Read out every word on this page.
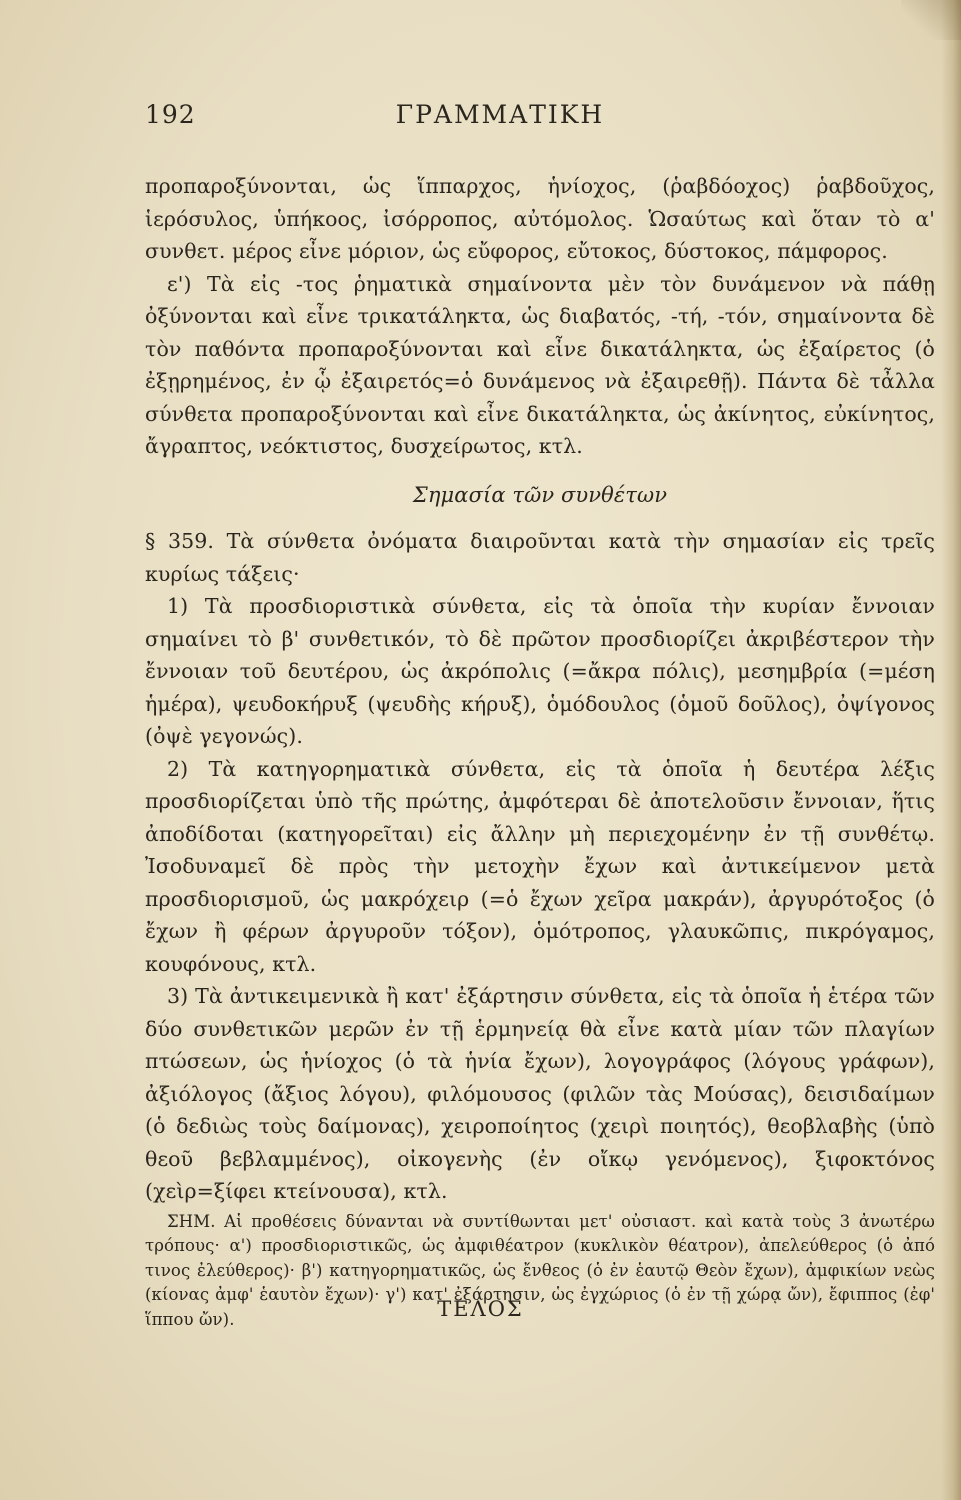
192	ΓΡΑΜΜΑΤΙΚΗ

προπαροξύνονται, ὡς ἵππαρχος, ἡνίοχος, (ῥαβδόοχος) ῥαβδοῦχος, ἱερόσυλος, ὑπήκοος, ἰσόρροπος, αὐτόμολος. Ὡσαύτως καὶ ὅταν τὸ α' συνθετ. μέρος εἶνε μόριον, ὡς εὔφορος, εὔτοκος, δύστοκος, πάμφορος.

ε') Τὰ εἰς -τος ῥηματικὰ σημαίνοντα μὲν τὸν δυνάμενον νὰ πάθῃ ὀξύνονται καὶ εἶνε τρικατάληκτα, ὡς διαβατός, -τή, -τόν, σημαίνοντα δὲ τὸν παθόντα προπαροξύνονται καὶ εἶνε δικατάληκτα, ὡς ἐξαίρετος (ὁ ἐξῃρημένος, ἐν ᾧ ἐξαιρετός=ὁ δυνάμενος νὰ ἐξαιρεθῇ). Πάντα δὲ τἆλλα σύνθετα προπαροξύνονται καὶ εἶνε δικατάληκτα, ὡς ἀκίνητος, εὐκίνητος, ἄγραπτος, νεόκτιστος, δυσχείρωτος, κτλ.

Σημασία τῶν συνθέτων

§ 359. Τὰ σύνθετα ὀνόματα διαιροῦνται κατὰ τὴν σημασίαν εἰς τρεῖς κυρίως τάξεις·

1) Τὰ προσδιοριστικὰ σύνθετα, εἰς τὰ ὁποῖα τὴν κυρίαν ἔννοιαν σημαίνει τὸ β' συνθετικόν, τὸ δὲ πρῶτον προσδιορίζει ἀκριβέστερον τὴν ἔννοιαν τοῦ δευτέρου, ὡς ἀκρόπολις (=ἄκρα πόλις), μεσημβρία (=μέση ἡμέρα), ψευδοκήρυξ (ψευδὴς κήρυξ), ὁμόδουλος (ὁμοῦ δοῦλος), ὀψίγονος (ὀψὲ γεγονώς).

2) Τὰ κατηγορηματικὰ σύνθετα, εἰς τὰ ὁποῖα ἡ δευτέρα λέξις προσδιορίζεται ὑπὸ τῆς πρώτης, ἀμφότεραι δὲ ἀποτελοῦσιν ἔννοιαν, ἥτις ἀποδίδοται (κατηγορεῖται) εἰς ἄλλην μὴ περιεχομένην ἐν τῇ συνθέτῳ. Ἰσοδυναμεῖ δὲ πρὸς τὴν μετοχὴν ἔχων καὶ ἀντικείμενον μετὰ προσδιορισμοῦ, ὡς μακρόχειρ (=ὁ ἔχων χεῖρα μακράν), ἀργυρότοξος (ὁ ἔχων ἢ φέρων ἀργυροῦν τόξον), ὁμότροπος, γλαυκῶπις, πικρόγαμος, κουφόνους, κτλ.

3) Τὰ ἀντικειμενικὰ ἢ κατ' ἐξάρτησιν σύνθετα, εἰς τὰ ὁποῖα ἡ ἑτέρα τῶν δύο συνθετικῶν μερῶν ἐν τῇ ἑρμηνείᾳ θὰ εἶνε κατὰ μίαν τῶν πλαγίων πτώσεων, ὡς ἡνίοχος (ὁ τὰ ἡνία ἔχων), λογογράφος (λόγους γράφων), ἀξιόλογος (ἄξιος λόγου), φιλόμουσος (φιλῶν τὰς Μούσας), δεισιδαίμων (ὁ δεδιὼς τοὺς δαίμονας), χειροποίητος (χειρὶ ποιητός), θεοβλαβὴς (ὑπὸ θεοῦ βεβλαμμένος), οἰκογενὴς (ἐν οἴκῳ γενόμενος), ξιφοκτόνος (χεὶρ=ξίφει κτείνουσα), κτλ.

ΣΗΜ. Αἱ προθέσεις δύνανται νὰ συντίθωνται μετ' οὐσιαστ. καὶ κατὰ τοὺς 3 ἀνωτέρω τρόπους· α') προσδιοριστικῶς, ὡς ἀμφιθέατρον (κυκλικὸν θέατρον), ἀπελεύθερος (ὁ ἀπό τινος ἐλεύθερος)· β') κατηγορηματικῶς, ὡς ἔνθεος (ὁ ἐν ἑαυτῷ Θεὸν ἔχων), ἀμφικίων νεὼς (κίονας ἀμφ' ἑαυτὸν ἔχων)· γ') κατ' ἐξάρτησιν, ὡς ἐγχώριος (ὁ ἐν τῇ χώρᾳ ὤν), ἔφιππος (ἐφ' ἵππου ὤν).	ΤΕΛΟΣ
